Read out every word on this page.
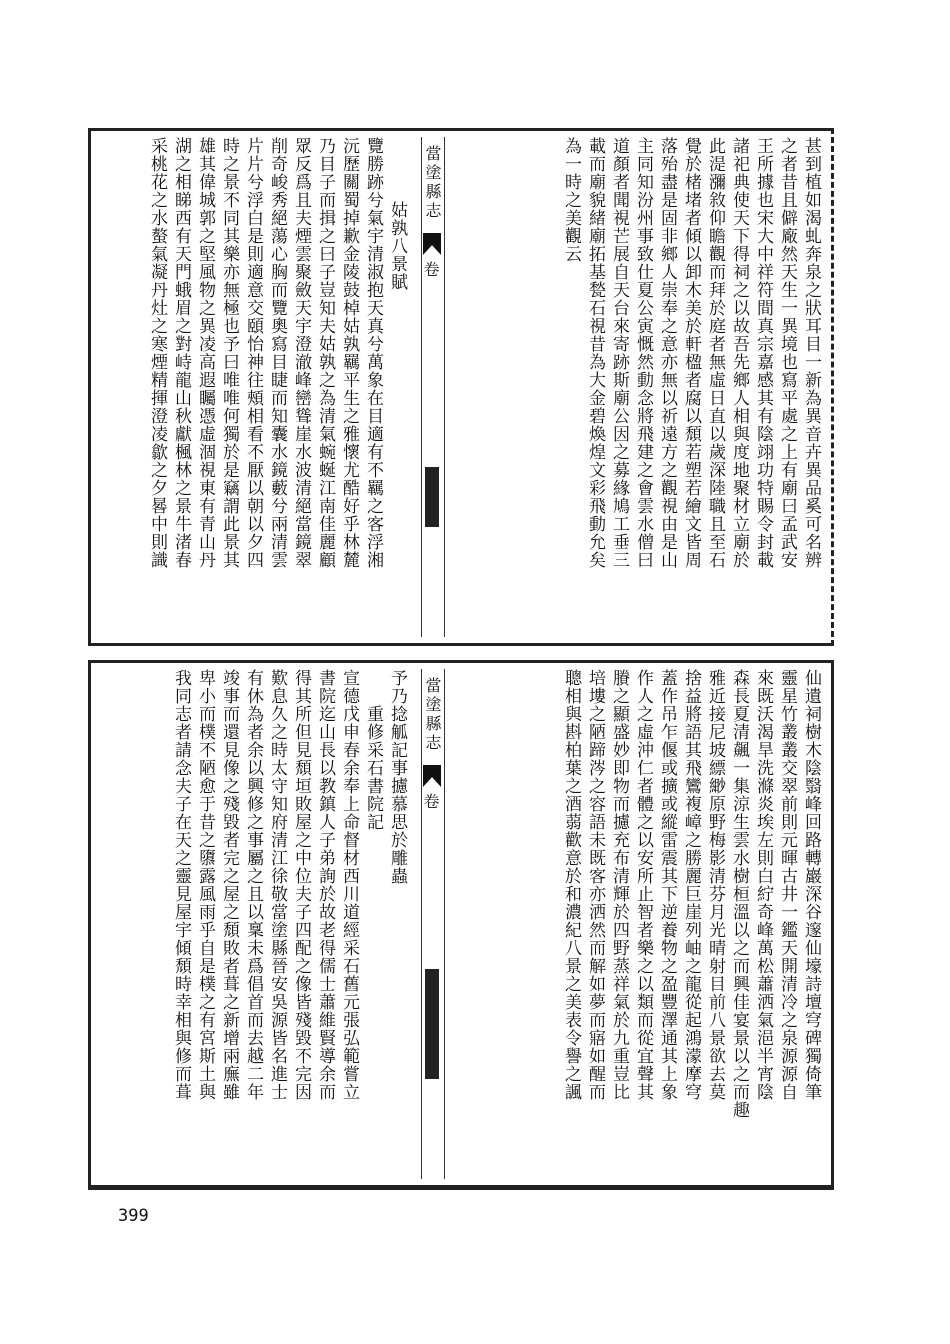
甚到植如渴虬奔泉之狀耳目一新為異音卉異品奚可名辨
之者昔且僻廠然天生一異境也寫平處之上有廟曰孟武安
王所據也宋大中祥符間真宗嘉感其有陰翊功特賜令封載
諸祀典使天下得祠之以故吾先鄉人相與度地聚材立廟於
此湜瀰敘仰瞻觀而拜於庭者無虛日直以歲深陸職且至石
覺於楮堵者傾以卸木美於軒楹者腐以頹若塑若繪文皆周
落殆盡是固非鄉人崇奉之意亦無以祈遠方之觀視由是山
主同知汾州事致仕夏公寅慨然動念將飛建之會雲水僧曰
道顏者聞視芒展自天台來寄跡斯廟公因之募緣鳩工垂三
載而廟貌緒廟拓基甃石視昔為大金碧煥煌文彩飛動允矣
為一時之美觀云
當塗縣志
卷
姑孰八景賦
覽勝跡兮氣宇清淑抱天真兮萬象在目適有不羈之客浮湘
沅歷關蜀掉歉金陵鼓棹姑孰羈平生之雅懷尤酷好乎林麓
乃目子而揖之曰子豈知夫姑孰之為清氣蜿蜒江南佳麗顧
眾反爲且夫煙雲聚斂天宇澄澈峰巒聳崖水波清絕當鏡翠
削奇峻秀絕蕩心胸而覽奧寫目睫而知囊水鏡藪兮兩清雲
片片兮浮白是則適意交頤怡神往頰相看不厭以朝以夕四
時之景不同其樂亦無極也予曰唯唯何獨於是竊謂此景其
雄其偉城郭之堅風物之異凌高遐矚憑虛涸視東有青山丹
湖之相睇西有天門蛾眉之對峙龍山秋獻楓林之景牛渚春
采桃花之水螯氣凝丹灶之寒煙精揮澄凌歙之夕晷中則識
仙遺祠樹木陰翳峰回路轉巖深谷邃仙壕詩壇穹碑獨倚筆
靈星竹叢叢交翠前則元暉古井一鑑天開清冷之泉源源自
來既沃渴旱洗滌炎埃左則白紵奇峰萬松蕭洒氣浥半宵陰
森長夏清飆一集涼生雲水樹桓溫以之而興佳宴景以之而趣
雅近接尼坡縹緲原野梅影清芬月光晴射目前八景欲去莫
捨益將語其飛鸞複嶂之勝麗巨崖列岫之龍從起鴻濛摩穹
蓋作吊乍偃或擴或縱雷震其下逆養物之盈豐澤通其上象
作人之虛沖仁者體之以安所止智者樂之以類而從宜聲其
賸之顯盛妙即物而攄充布清輝於四野蒸祥氣於九重豈比
培塿之陋蹄涔之容語未既客亦洒然而解如夢而寤如醒而
聰相與斟柏葉之酒蒻歡意於和濃紀八景之美表令譽之諷
當塗縣志
卷
予乃捻觚記事攄慕思於雕蟲
重修采石書院記
宣德戊申春余奉上命督材西川道經采石舊元張弘範嘗立
書院迄山長以教鎮人子弟詢於故老得儒士蕭維賢導余而
得其所但見頹垣敗屋之中位夫子四配之像皆殘毀不完因
歎息久之時太守知府清江徐敬當塗縣晉安吳源皆名進士
有休為者余以興修之事屬之且以稟未爲倡首而去越二年
竣事而還見像之殘毀者完之屋之頹敗者葺之新增兩廡雖
卑小而樸不陋愈于昔之隳露風雨乎自是樸之有宮斯土與
我同志者請念夫子在天之靈見屋宇傾頹時幸相與修而葺
399
